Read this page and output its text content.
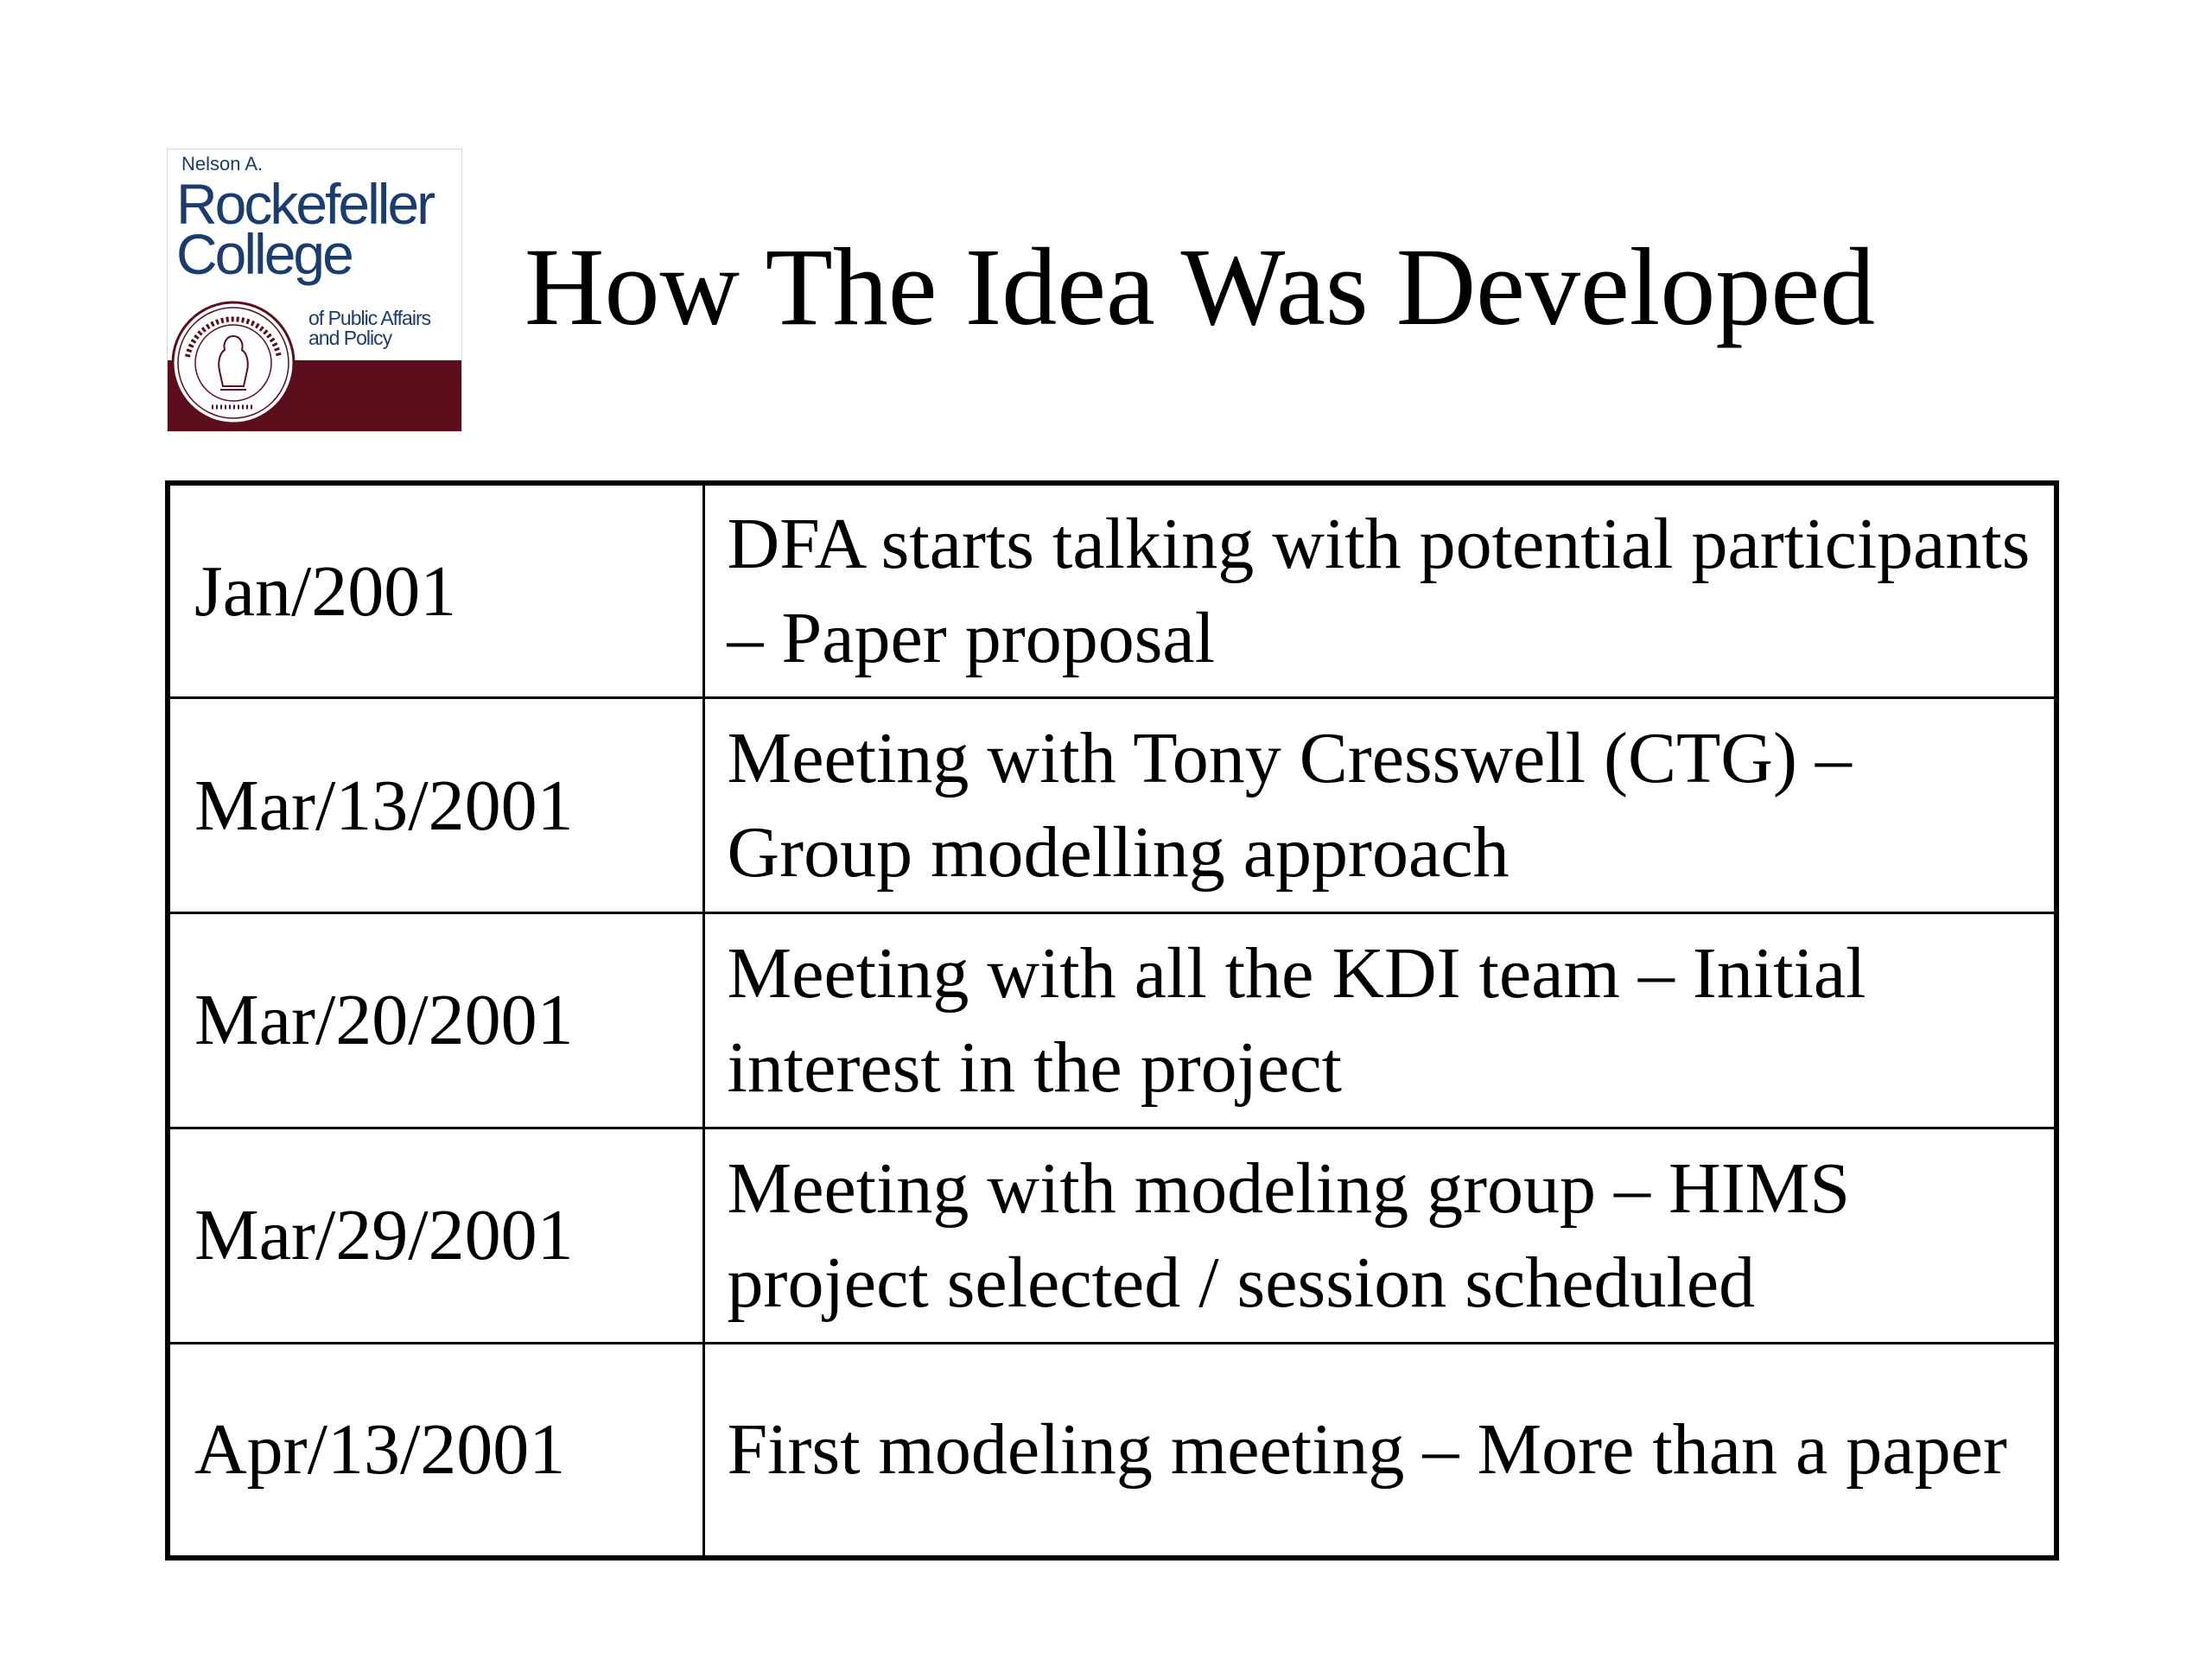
Nelson A.
Rockefeller
College
of Public Affairs
and Policy	How The Idea Was Developed
Jan/2001	DFA starts talking with potential participants – Paper proposal
Mar/13/2001	Meeting with Tony Cresswell (CTG) – Group modelling approach
Mar/20/2001	Meeting with all the KDI team – Initial interest in the project
Mar/29/2001	Meeting with modeling group – HIMS project selected / session scheduled
Apr/13/2001	First modeling meeting – More than a paper
